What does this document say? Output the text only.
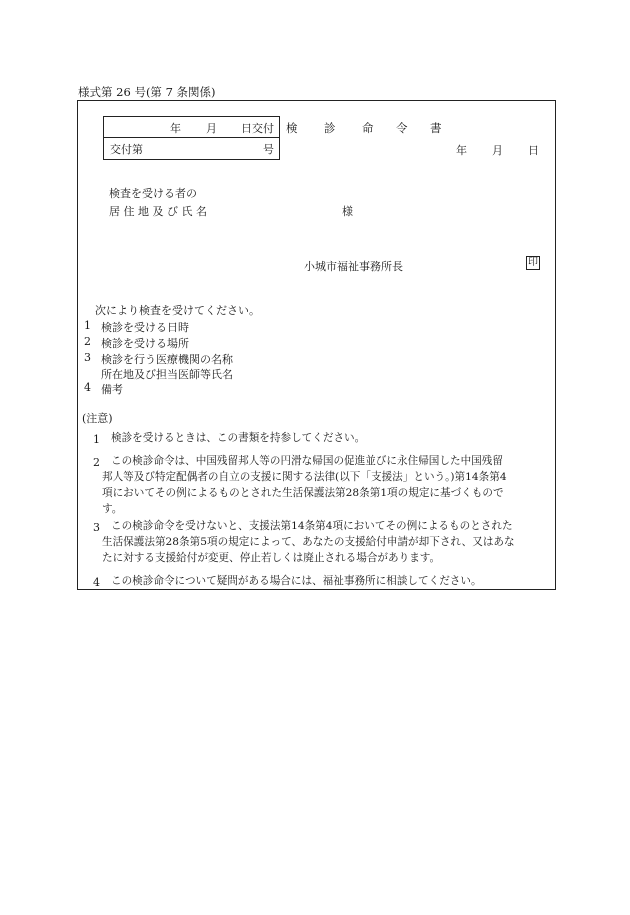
様式第 26 号(第 7 条関係)
年 月 日交付
交付第	号
検 診 命 令 書
年 月 日
検査を受ける者の
居 住 地 及 び 氏 名	様
小城市福祉事務所長	印
次により検査を受けてください。
1 検診を受ける日時
2 検診を受ける場所
3 検診を行う医療機関の名称
所在地及び担当医師等氏名
4 備考
(注意)
1 検診を受けるときは、この書類を持参してください。
2	この検診命令は、中国残留邦人等の円滑な帰国の促進並びに永住帰国した中国残留
邦人等及び特定配偶者の自立の支援に関する法律(以下「支援法」という。)第14条第4
項においてその例によるものとされた生活保護法第28条第1項の規定に基づくもので
す。
3	この検診命令を受けないと、支援法第14条第4項においてその例によるものとされた
生活保護法第28条第5項の規定によって、あなたの支援給付申請が却下され、又はあな
たに対する支援給付が変更、停止若しくは廃止される場合があります。
4 この検診命令について疑問がある場合には、福祉事務所に相談してください。
